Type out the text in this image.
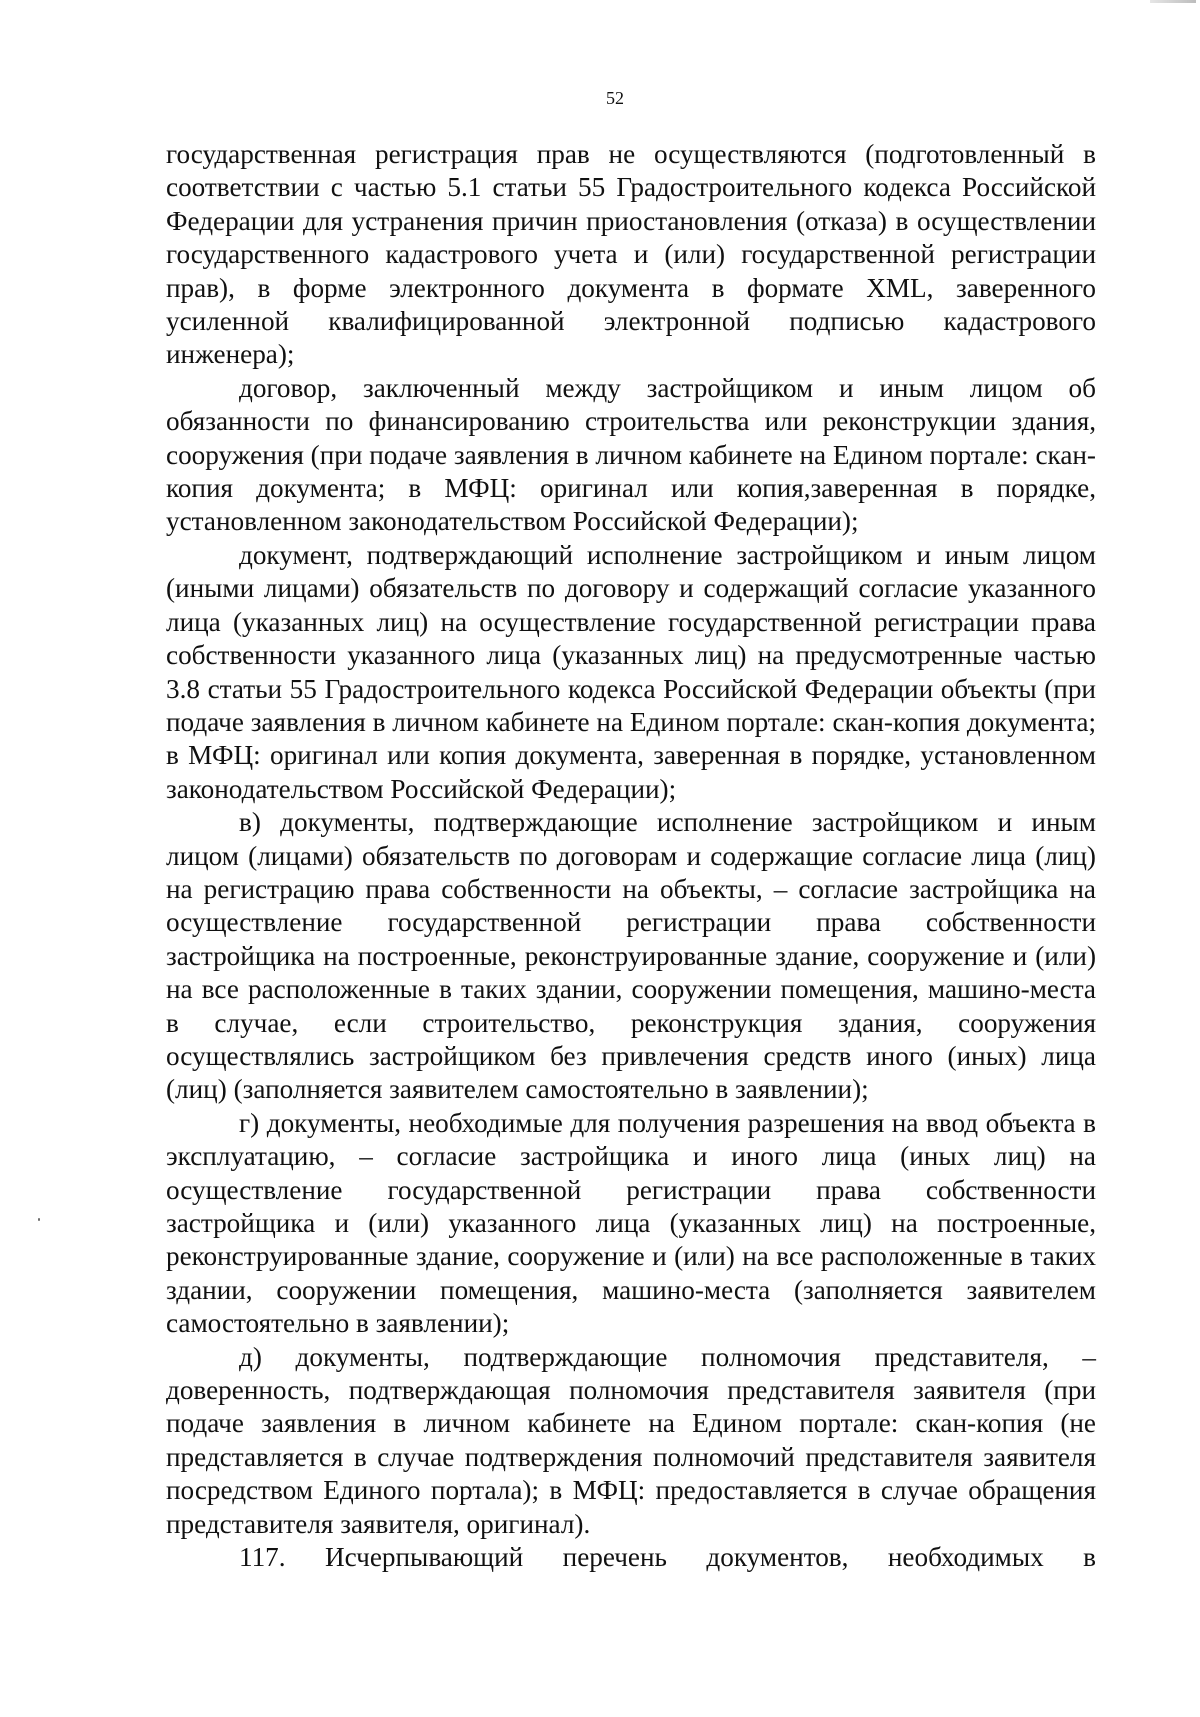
52

государственная регистрация прав не осуществляются (подготовленный в соответствии с частью 5.1 статьи 55 Градостроительного кодекса Российской Федерации для устранения причин приостановления (отказа) в осуществлении государственного кадастрового учета и (или) государственной регистрации прав), в форме электронного документа в формате XML, заверенного усиленной квалифицированной электронной подписью кадастрового инженера);

договор, заключенный между застройщиком и иным лицом об обязанности по финансированию строительства или реконструкции здания, сооружения (при подаче заявления в личном кабинете на Едином портале: скан-копия документа; в МФЦ: оригинал или копия,заверенная в порядке, установленном законодательством Российской Федерации);

документ, подтверждающий исполнение застройщиком и иным лицом (иными лицами) обязательств по договору и содержащий согласие указанного лица (указанных лиц) на осуществление государственной регистрации права собственности указанного лица (указанных лиц) на предусмотренные частью 3.8 статьи 55 Градостроительного кодекса Российской Федерации объекты (при подаче заявления в личном кабинете на Едином портале: скан-копия документа; в МФЦ: оригинал или копия документа, заверенная в порядке, установленном законодательством Российской Федерации);

в) документы, подтверждающие исполнение застройщиком и иным лицом (лицами) обязательств по договорам и содержащие согласие лица (лиц) на регистрацию права собственности на объекты, – согласие застройщика на осуществление государственной регистрации права собственности застройщика на построенные, реконструированные здание, сооружение и (или) на все расположенные в таких здании, сооружении помещения, машино-места в случае, если строительство, реконструкция здания, сооружения осуществлялись застройщиком без привлечения средств иного (иных) лица (лиц) (заполняется заявителем самостоятельно в заявлении);

г) документы, необходимые для получения разрешения на ввод объекта в эксплуатацию, – согласие застройщика и иного лица (иных лиц) на осуществление государственной регистрации права собственности застройщика и (или) указанного лица (указанных лиц) на построенные, реконструированные здание, сооружение и (или) на все расположенные в таких здании, сооружении помещения, машино-места (заполняется заявителем самостоятельно в заявлении);

д) документы, подтверждающие полномочия представителя, – доверенность, подтверждающая полномочия представителя заявителя (при подаче заявления в личном кабинете на Едином портале: скан-копия (не представляется в случае подтверждения полномочий представителя заявителя посредством Единого портала); в МФЦ: предоставляется в случае обращения представителя заявителя, оригинал).

117. Исчерпывающий перечень документов, необходимых в
